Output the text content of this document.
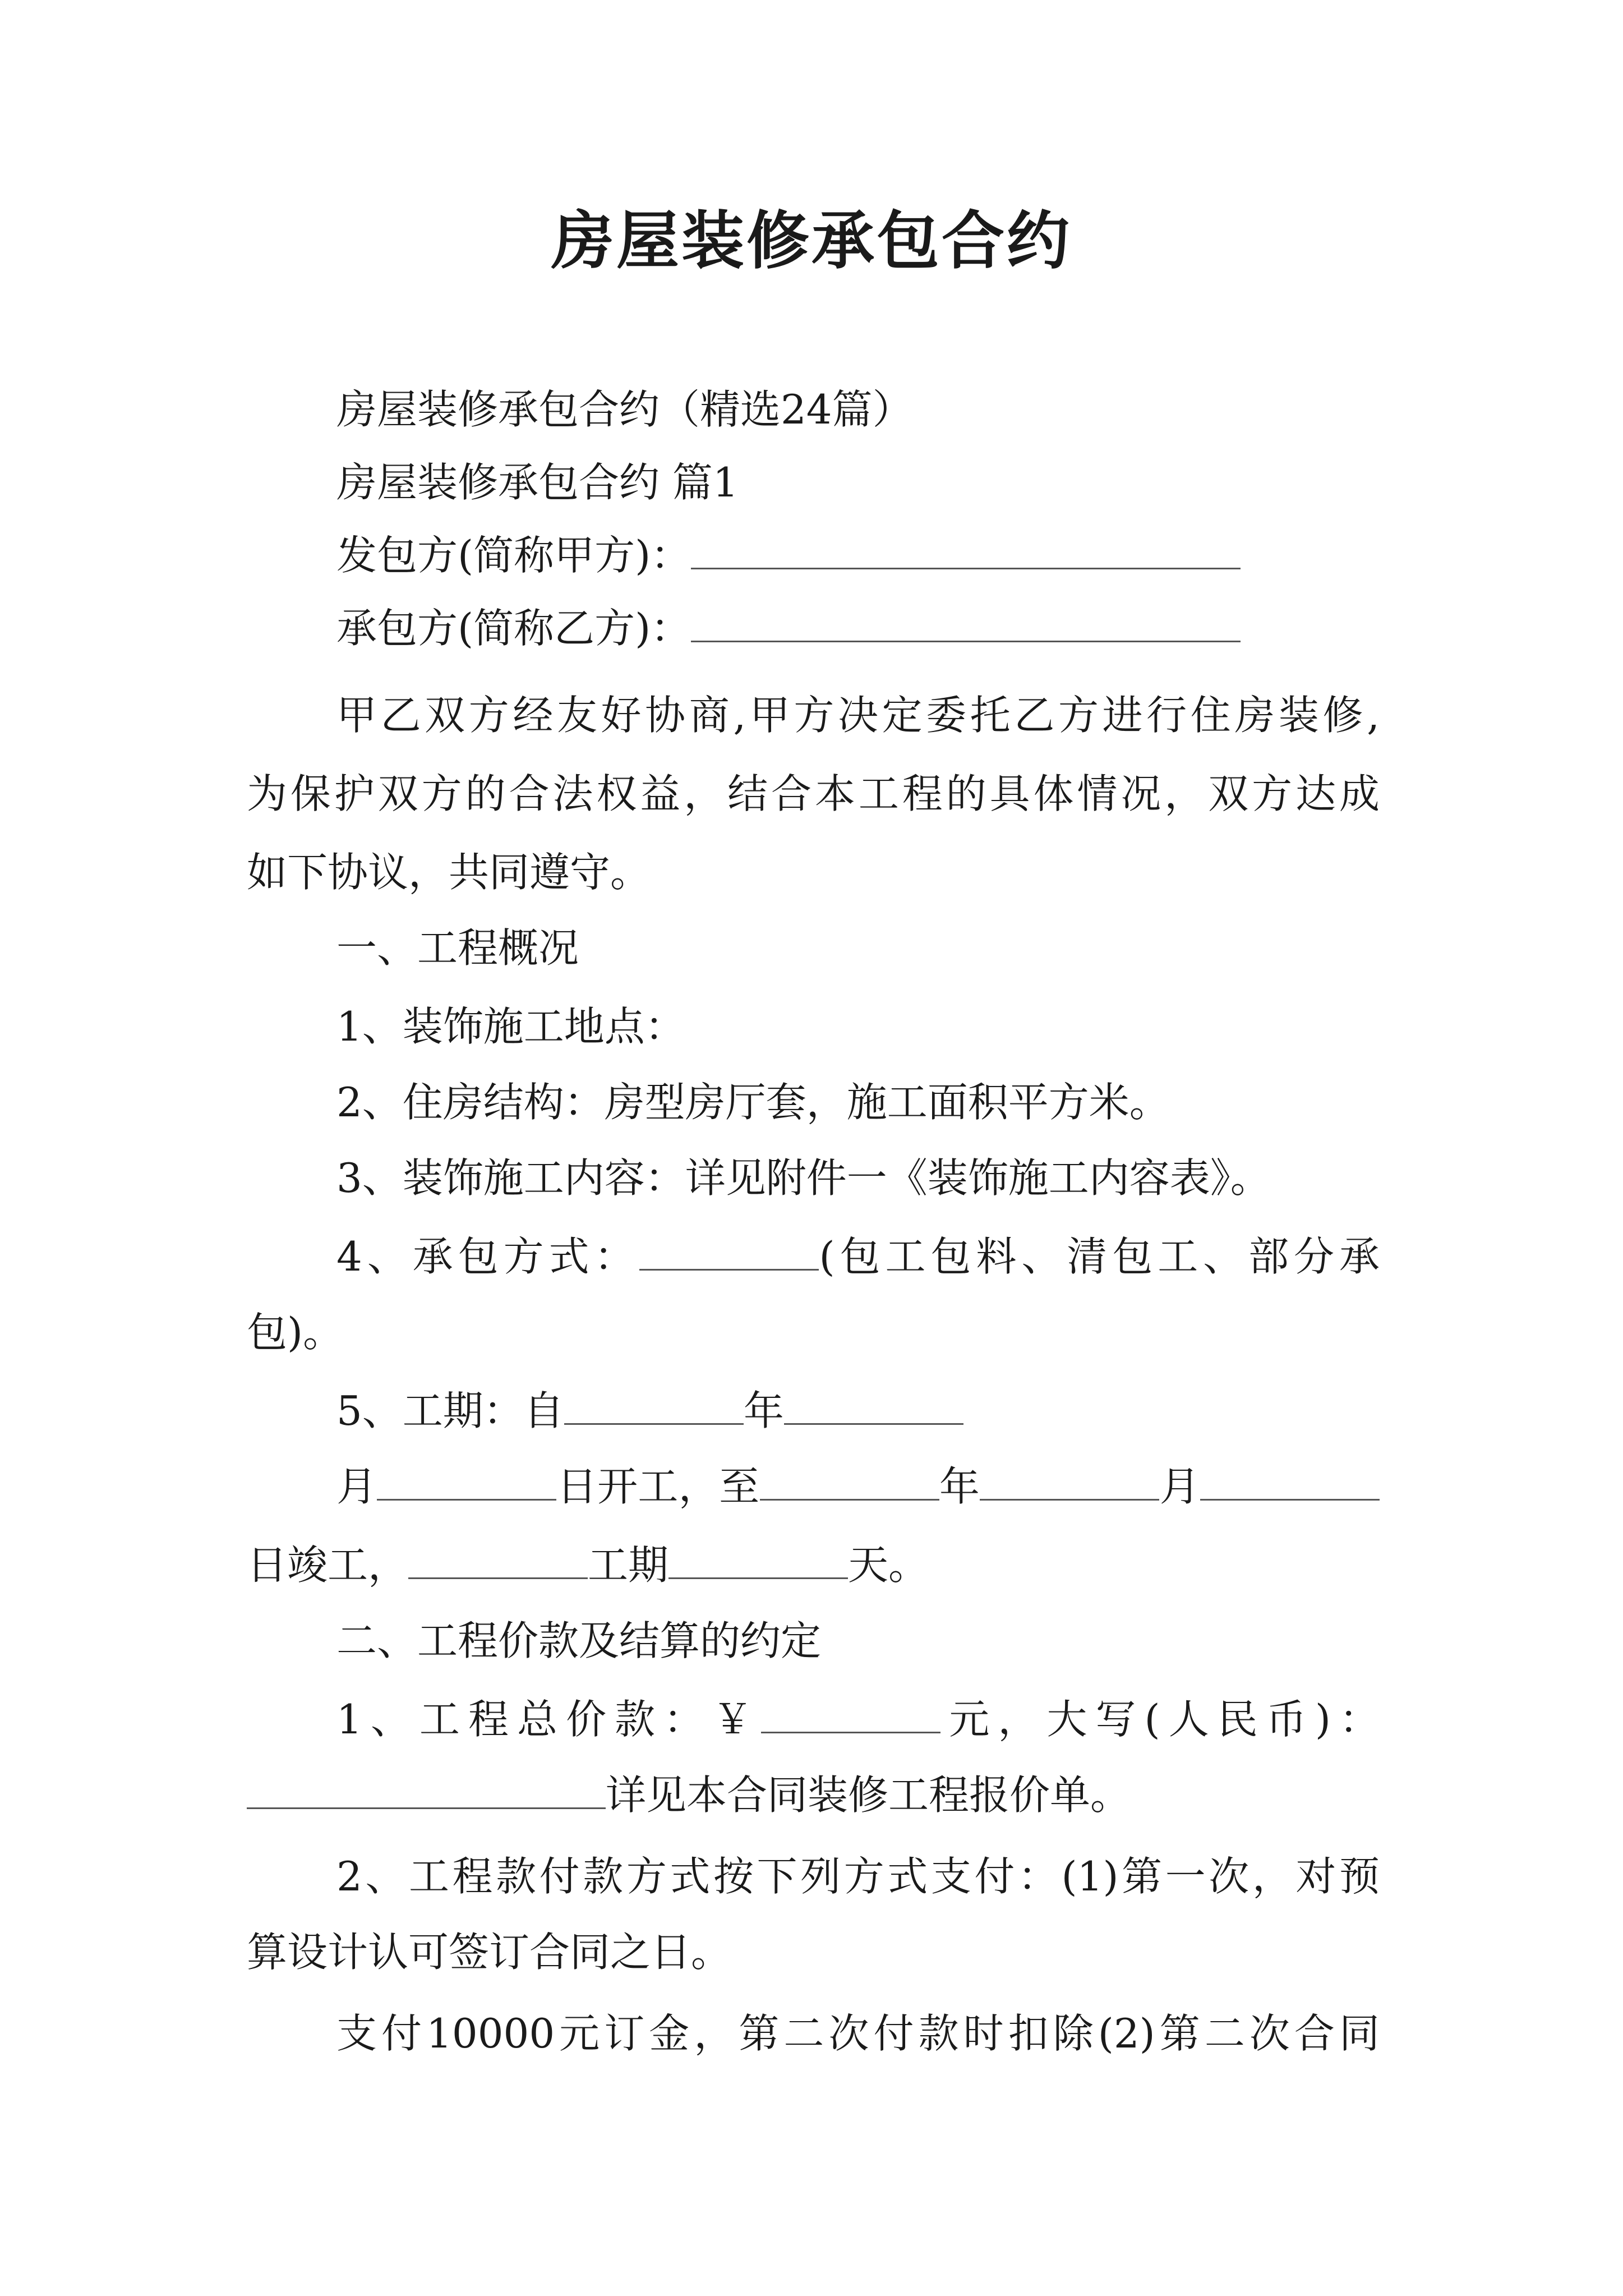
房屋装修承包合约
房屋装修承包合约（精选24篇）
房屋装修承包合约 篇1
发包方(简称甲方)：
承包方(简称乙方)：
甲乙双方经友好协商,甲方决定委托乙方进行住房装修,
为保护双方的合法权益，结合本工程的具体情况，双方达成
如下协议，共同遵守。
一、工程概况
1、装饰施工地点：
2、住房结构：房型房厅套，施工面积平方米。
3、装饰施工内容：详见附件一《装饰施工内容表》。
4、承包方式：	(包工包料、清包工、部分承
包)。
5、工期：自	年
月	日开工，至	年	月
日竣工，	工期	天。
二、工程价款及结算的约定
1、工程总价款：￥	元，大写(人民币)：
详见本合同装修工程报价单。
2、工程款付款方式按下列方式支付：(1)第一次，对预
算设计认可签订合同之日。
支付10000元订金，第二次付款时扣除(2)第二次合同
